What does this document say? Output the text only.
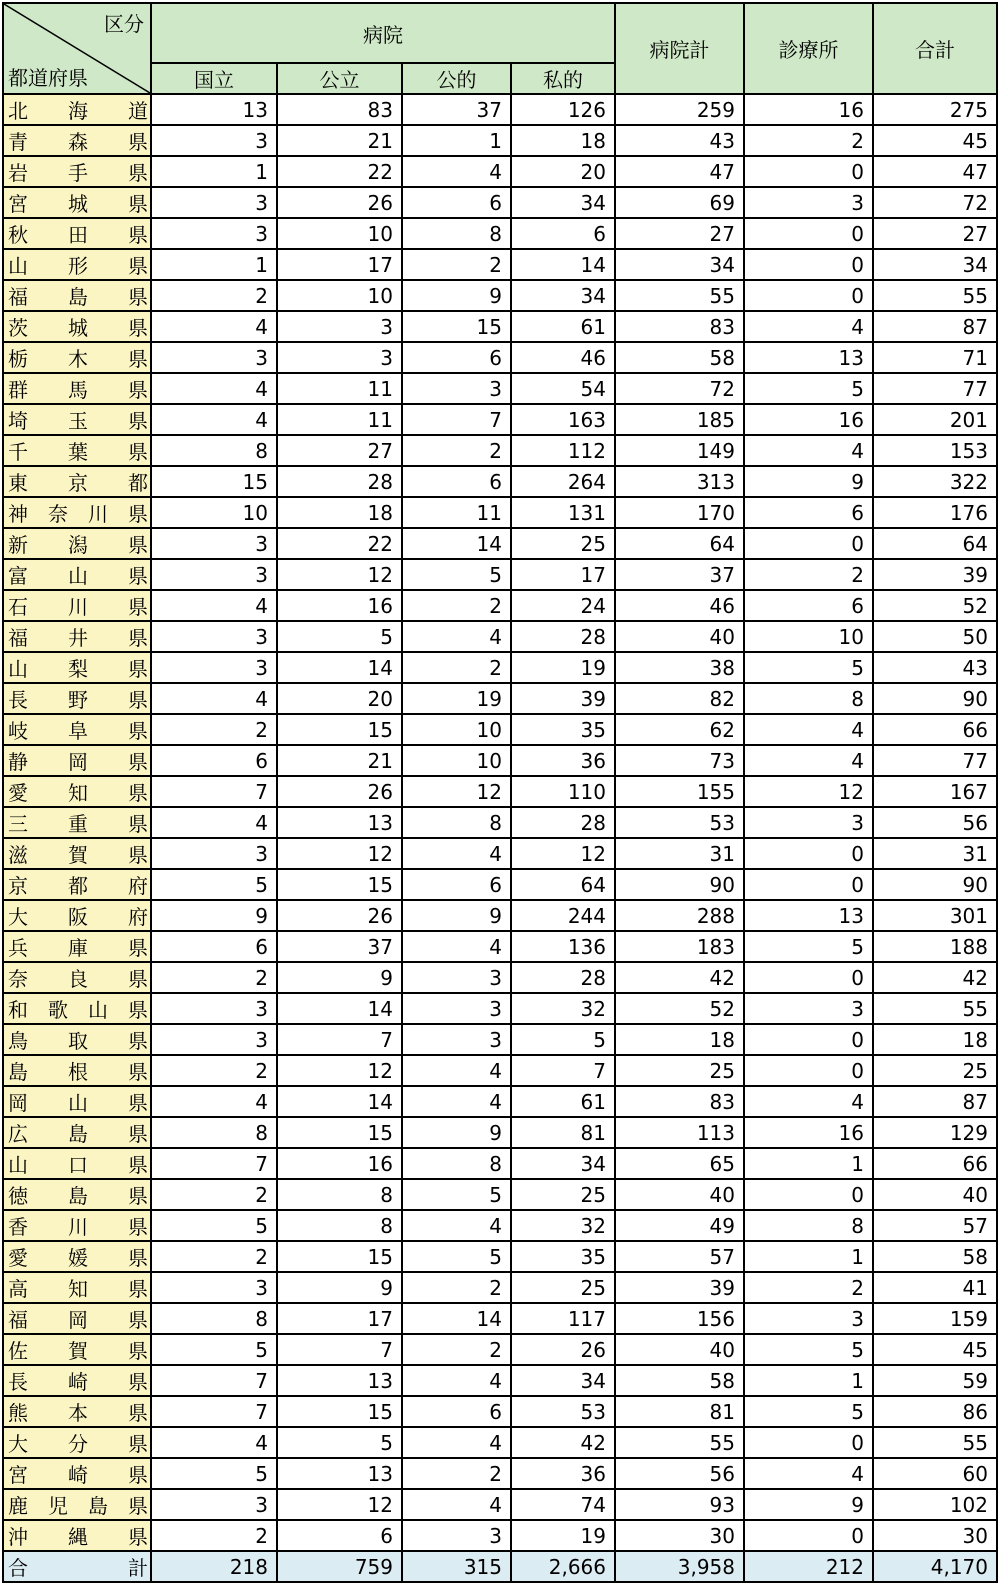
区分
都道府県	病院				病院計	診療所	合計
	国立	公立	公的	私的			

北海道	13	83	37	126	259	16	275

青森県	3	21	1	18	43	2	45

岩手県	1	22	4	20	47	0	47

宮城県	3	26	6	34	69	3	72

秋田県	3	10	8	6	27	0	27

山形県	1	17	2	14	34	0	34

福島県	2	10	9	34	55	0	55

茨城県	4	3	15	61	83	4	87

栃木県	3	3	6	46	58	13	71

群馬県	4	11	3	54	72	5	77

埼玉県	4	11	7	163	185	16	201

千葉県	8	27	2	112	149	4	153

東京都	15	28	6	264	313	9	322

神奈川県	10	18	11	131	170	6	176

新潟県	3	22	14	25	64	0	64

富山県	3	12	5	17	37	2	39

石川県	4	16	2	24	46	6	52

福井県	3	5	4	28	40	10	50

山梨県	3	14	2	19	38	5	43

長野県	4	20	19	39	82	8	90

岐阜県	2	15	10	35	62	4	66

静岡県	6	21	10	36	73	4	77

愛知県	7	26	12	110	155	12	167

三重県	4	13	8	28	53	3	56

滋賀県	3	12	4	12	31	0	31

京都府	5	15	6	64	90	0	90

大阪府	9	26	9	244	288	13	301

兵庫県	6	37	4	136	183	5	188

奈良県	2	9	3	28	42	0	42

和歌山県	3	14	3	32	52	3	55

鳥取県	3	7	3	5	18	0	18

島根県	2	12	4	7	25	0	25

岡山県	4	14	4	61	83	4	87

広島県	8	15	9	81	113	16	129

山口県	7	16	8	34	65	1	66

徳島県	2	8	5	25	40	0	40

香川県	5	8	4	32	49	8	57

愛媛県	2	15	5	35	57	1	58

高知県	3	9	2	25	39	2	41

福岡県	8	17	14	117	156	3	159

佐賀県	5	7	2	26	40	5	45

長崎県	7	13	4	34	58	1	59

熊本県	7	15	6	53	81	5	86

大分県	4	5	4	42	55	0	55

宮崎県	5	13	2	36	56	4	60

鹿児島県	3	12	4	74	93	9	102

沖縄県	2	6	3	19	30	0	30

合計	218	759	315	2,666	3,958	212	4,170
